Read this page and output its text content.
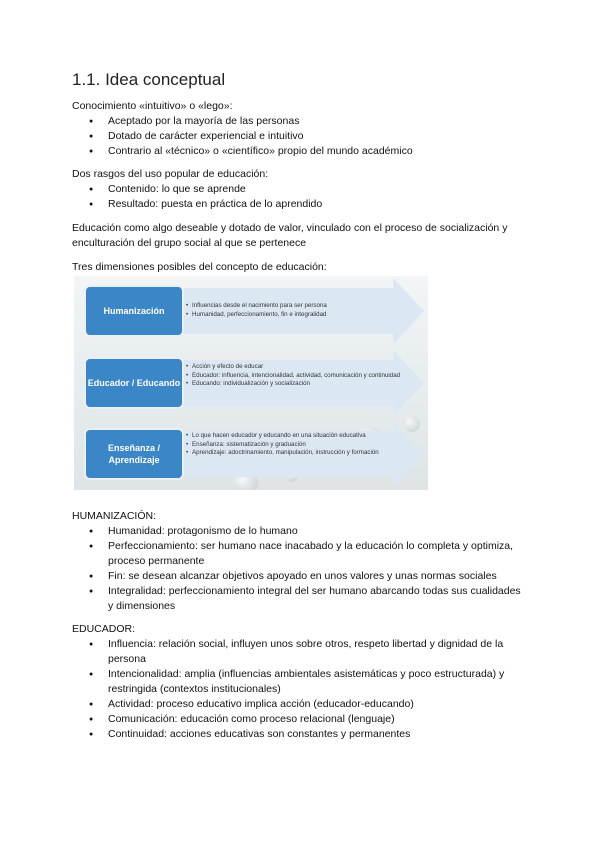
1.1. Idea conceptual
Conocimiento «intuitivo» o «lego»:
● Aceptado por la mayoría de las personas
● Dotado de carácter experiencial e intuitivo
● Contrario al «técnico» o «científico» propio del mundo académico
Dos rasgos del uso popular de educación:
● Contenido: lo que se aprende
● Resultado: puesta en práctica de lo aprendido
Educación como algo deseable y dotado de valor, vinculado con el proceso de socialización y enculturación del grupo social al que se pertenece
Tres dimensiones posibles del concepto de educación:
Humanización
• Influencias desde el nacimiento para ser persona
• Humanidad, perfeccionamiento, fin e integralidad
Educador / Educando
• Acción y efecto de educar
• Educador: influencia, intencionalidad, actividad, comunicación y continuidad
• Educando: individualización y socialización
Enseñanza / Aprendizaje
• Lo que hacen educador y educando en una situación educativa
• Enseñanza: sistematización y graduación
• Aprendizaje: adoctrinamiento, manipulación, instrucción y formación
HUMANIZACIÓN:
● Humanidad: protagonismo de lo humano
● Perfeccionamiento: ser humano nace inacabado y la educación lo completa y optimiza, proceso permanente
● Fin: se desean alcanzar objetivos apoyado en unos valores y unas normas sociales
● Integralidad: perfeccionamiento integral del ser humano abarcando todas sus cualidades y dimensiones
EDUCADOR:
● Influencia: relación social, influyen unos sobre otros, respeto libertad y dignidad de la persona
● Intencionalidad: amplia (influencias ambientales asistemáticas y poco estructurada) y restringida (contextos institucionales)
● Actividad: proceso educativo implica acción (educador-educando)
● Comunicación: educación como proceso relacional (lenguaje)
● Continuidad: acciones educativas son constantes y permanentes
